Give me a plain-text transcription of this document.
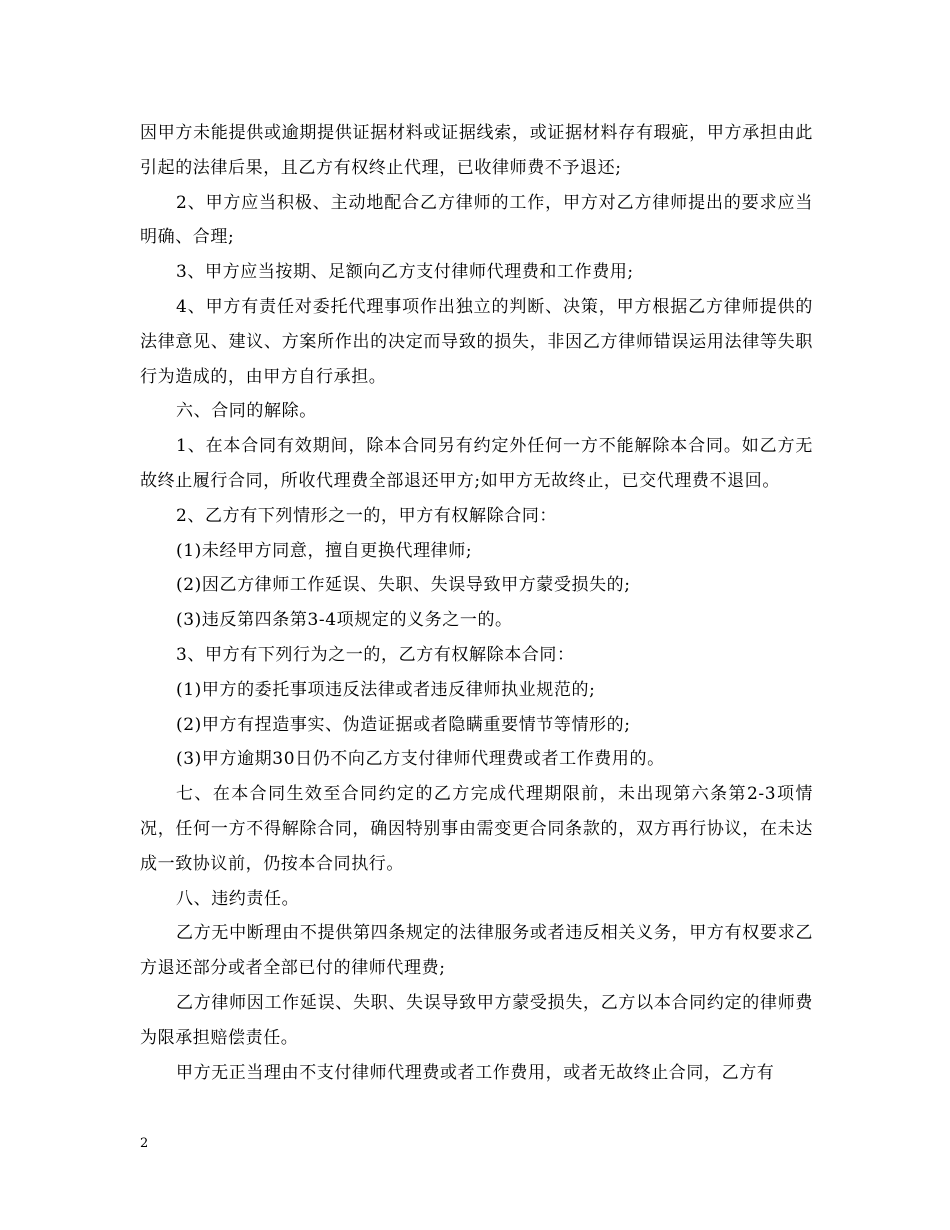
因甲方未能提供或逾期提供证据材料或证据线索，或证据材料存有瑕疵，甲方承担由此引起的法律后果，且乙方有权终止代理，已收律师费不予退还;

2、甲方应当积极、主动地配合乙方律师的工作，甲方对乙方律师提出的要求应当明确、合理;

3、甲方应当按期、足额向乙方支付律师代理费和工作费用;

4、甲方有责任对委托代理事项作出独立的判断、决策，甲方根据乙方律师提供的法律意见、建议、方案所作出的决定而导致的损失，非因乙方律师错误运用法律等失职行为造成的，由甲方自行承担。

六、合同的解除。

1、在本合同有效期间，除本合同另有约定外任何一方不能解除本合同。如乙方无故终止履行合同，所收代理费全部退还甲方;如甲方无故终止，已交代理费不退回。

2、乙方有下列情形之一的，甲方有权解除合同：

(1)未经甲方同意，擅自更换代理律师;

(2)因乙方律师工作延误、失职、失误导致甲方蒙受损失的;

(3)违反第四条第3-4项规定的义务之一的。

3、甲方有下列行为之一的，乙方有权解除本合同：

(1)甲方的委托事项违反法律或者违反律师执业规范的;

(2)甲方有捏造事实、伪造证据或者隐瞒重要情节等情形的;

(3)甲方逾期30日仍不向乙方支付律师代理费或者工作费用的。

七、在本合同生效至合同约定的乙方完成代理期限前，未出现第六条第2-3项情况，任何一方不得解除合同，确因特别事由需变更合同条款的，双方再行协议，在未达成一致协议前，仍按本合同执行。

八、违约责任。

乙方无中断理由不提供第四条规定的法律服务或者违反相关义务，甲方有权要求乙方退还部分或者全部已付的律师代理费;

乙方律师因工作延误、失职、失误导致甲方蒙受损失，乙方以本合同约定的律师费为限承担赔偿责任。

甲方无正当理由不支付律师代理费或者工作费用，或者无故终止合同，乙方有

2
